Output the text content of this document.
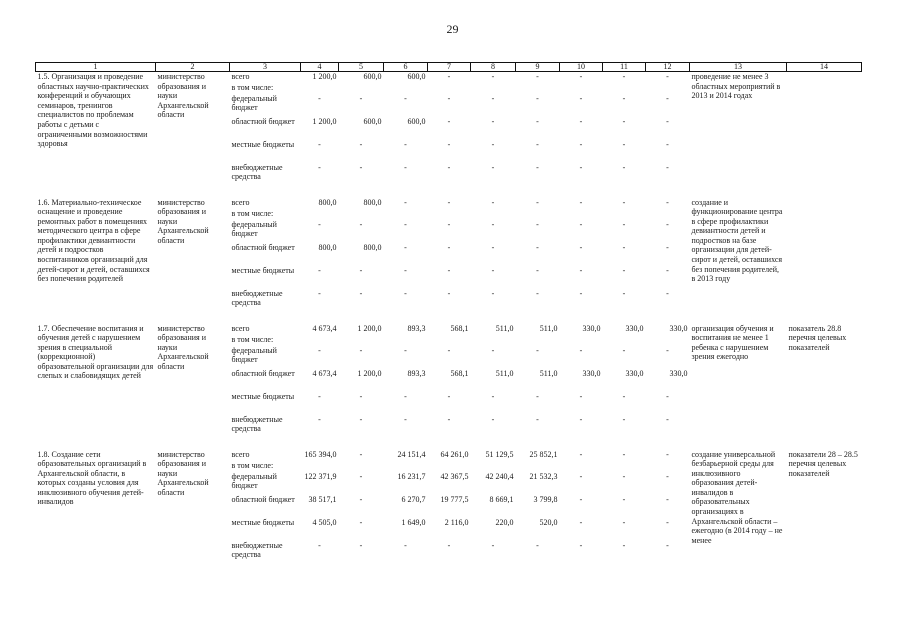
29
1	2	3	4	5	6	7	8	9	10	11	12	13	14
1.5. Организация и проведение областных научно-практических конференций и обучающих семинаров, тренингов специалистов по проблемам работы с детьми с ограниченными возможностями здоровья	министерство образования и науки Архангельской области	всего	1 200,0	600,0	600,0	-	-	-	-	-	-	проведение не менее 3 областных мероприятий в 2013 и 2014 годах	
		в том числе:											
		федеральный бюджет	-	-	-	-	-	-	-	-	-		
		областной бюджет	1 200,0	600,0	600,0	-	-	-	-	-	-		
		местные бюджеты	-	-	-	-	-	-	-	-	-		
		внебюджетные средства	-	-	-	-	-	-	-	-	-		

1.6. Материально-техническое оснащение и проведение ремонтных работ в помещениях методического центра в сфере профилактики девиантности детей и подростков воспитанников организаций для детей-сирот и детей, оставшихся без попечения родителей	министерство образования и науки Архангельской области	всего	800,0	800,0	-	-	-	-	-	-	-	создание и функционирование центра в сфере профилактики девиантности детей и подростков на базе организации для детей-сирот и детей, оставшихся без попечения родителей, в 2013 году	
		в том числе:											
		федеральный бюджет	-	-	-	-	-	-	-	-	-		
		областной бюджет	800,0	800,0	-	-	-	-	-	-	-		
		местные бюджеты	-	-	-	-	-	-	-	-	-		
		внебюджетные средства	-	-	-	-	-	-	-	-	-		

1.7. Обеспечение воспитания и обучения детей с нарушением зрения в специальной (коррекционной) образовательной организации для слепых и слабовидящих детей	министерство образования и науки Архангельской области	всего	4 673,4	1 200,0	893,3	568,1	511,0	511,0	330,0	330,0	330,0	организация обучения и воспитания не менее 1 ребенка с нарушением зрения ежегодно	показатель 28.8 перечня целевых показателей
		в том числе:											
		федеральный бюджет	-	-	-	-	-	-	-	-	-		
		областной бюджет	4 673,4	1 200,0	893,3	568,1	511,0	511,0	330,0	330,0	330,0		
		местные бюджеты	-	-	-	-	-	-	-	-	-		
		внебюджетные средства	-	-	-	-	-	-	-	-	-		

1.8. Создание сети образовательных организаций в Архангельской области, в которых созданы условия для инклюзивного обучения детей-инвалидов	министерство образования и науки Архангельской области	всего	165 394,0	-	24 151,4	64 261,0	51 129,5	25 852,1	-	-	-	создание универсальной безбарьерной среды для инклюзивного образования детей-инвалидов в образовательных организациях в Архангельской области – ежегодно (в 2014 году – не менее	показатели 28 – 28.5 перечня целевых показателей
		в том числе:											
		федеральный бюджет	122 371,9	-	16 231,7	42 367,5	42 240,4	21 532,3	-	-	-		
		областной бюджет	38 517,1	-	6 270,7	19 777,5	8 669,1	3 799,8	-	-	-		
		местные бюджеты	4 505,0	-	1 649,0	2 116,0	220,0	520,0	-	-	-		
		внебюджетные средства	-	-	-	-	-	-	-	-	-		
